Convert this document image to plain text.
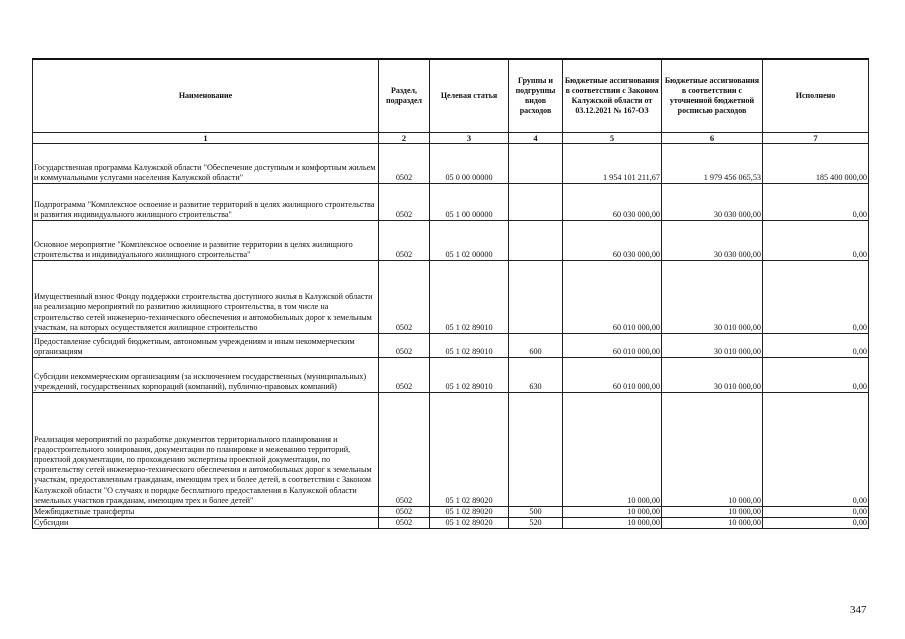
Наименование	Раздел, подраздел	Целевая статья	Группы и подгруппы видов расходов	Бюджетные ассигнования в соответствии с Законом Калужской области от 03.12.2021 № 167-ОЗ	Бюджетные ассигнования в соответствии с уточненной бюджетной росписью расходов	Исполнено
1	2	3	4	5	6	7
Государственная программа Калужской области "Обеспечение доступным и комфортным жильем и коммунальными услугами населения Калужской области"	0502	05 0 00 00000		1 954 101 211,67	1 979 456 065,53	185 400 000,00
Подпрограмма "Комплексное освоение и развитие территорий в целях жилищного строительства и развития индивидуального жилищного строительства"	0502	05 1 00 00000		60 030 000,00	30 030 000,00	0,00
Основное мероприятие "Комплексное освоение и развитие территории в целях жилищного строительства и индивидуального жилищного строительства"	0502	05 1 02 00000		60 030 000,00	30 030 000,00	0,00
Имущественный взнос Фонду поддержки строительства доступного жилья в Калужской области на реализацию мероприятий по развитию жилищного строительства, в том числе на строительство сетей инженерно-технического обеспечения и автомобильных дорог к земельным участкам, на которых осуществляется жилищное строительство	0502	05 1 02 89010		60 010 000,00	30 010 000,00	0,00
Предоставление субсидий бюджетным, автономным учреждениям и иным некоммерческим организациям	0502	05 1 02 89010	600	60 010 000,00	30 010 000,00	0,00
Субсидии некоммерческим организациям (за исключением государственных (муниципальных) учреждений, государственных корпораций (компаний), публично-правовых компаний)	0502	05 1 02 89010	630	60 010 000,00	30 010 000,00	0,00
Реализация мероприятий по разработке документов территориального планирования и градостроительного зонирования, документации по планировке и межеванию территорий, проектной документации, по прохождению экспертизы проектной документации, по строительству сетей инженерно-технического обеспечения и автомобильных дорог к земельным участкам, предоставленным гражданам, имеющим трех и более детей, в соответствии с Законом Калужской области "О случаях и порядке бесплатного предоставления в Калужской области земельных участков гражданам, имеющим трех и более детей"	0502	05 1 02 89020		10 000,00	10 000,00	0,00
Межбюджетные трансферты	0502	05 1 02 89020	500	10 000,00	10 000,00	0,00
Субсидии	0502	05 1 02 89020	520	10 000,00	10 000,00	0,00
347
